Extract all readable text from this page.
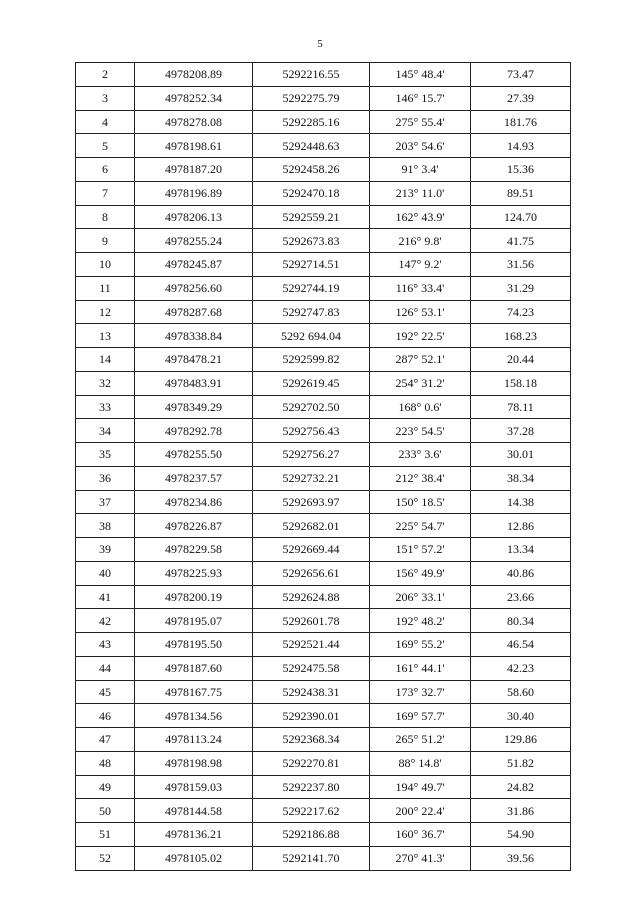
5
2	4978208.89	5292216.55	145° 48.4'	73.47
3	4978252.34	5292275.79	146° 15.7'	27.39
4	4978278.08	5292285.16	275° 55.4'	181.76
5	4978198.61	5292448.63	203° 54.6'	14.93
6	4978187.20	5292458.26	91° 3.4'	15.36
7	4978196.89	5292470.18	213° 11.0'	89.51
8	4978206.13	5292559.21	162° 43.9'	124.70
9	4978255.24	5292673.83	216° 9.8'	41.75
10	4978245.87	5292714.51	147° 9.2'	31.56
11	4978256.60	5292744.19	116° 33.4'	31.29
12	4978287.68	5292747.83	126° 53.1'	74.23
13	4978338.84	5292 694.04	192° 22.5'	168.23
14	4978478.21	5292599.82	287° 52.1'	20.44
32	4978483.91	5292619.45	254° 31.2'	158.18
33	4978349.29	5292702.50	168° 0.6'	78.11
34	4978292.78	5292756.43	223° 54.5'	37.28
35	4978255.50	5292756.27	233° 3.6'	30.01
36	4978237.57	5292732.21	212° 38.4'	38.34
37	4978234.86	5292693.97	150° 18.5'	14.38
38	4978226.87	5292682.01	225° 54.7'	12.86
39	4978229.58	5292669.44	151° 57.2'	13.34
40	4978225.93	5292656.61	156° 49.9'	40.86
41	4978200.19	5292624.88	206° 33.1'	23.66
42	4978195.07	5292601.78	192° 48.2'	80.34
43	4978195.50	5292521.44	169° 55.2'	46.54
44	4978187.60	5292475.58	161° 44.1'	42.23
45	4978167.75	5292438.31	173° 32.7'	58.60
46	4978134.56	5292390.01	169° 57.7'	30.40
47	4978113.24	5292368.34	265° 51.2'	129.86
48	4978198.98	5292270.81	88° 14.8'	51.82
49	4978159.03	5292237.80	194° 49.7'	24.82
50	4978144.58	5292217.62	200° 22.4'	31.86
51	4978136.21	5292186.88	160° 36.7'	54.90
52	4978105.02	5292141.70	270° 41.3'	39.56
